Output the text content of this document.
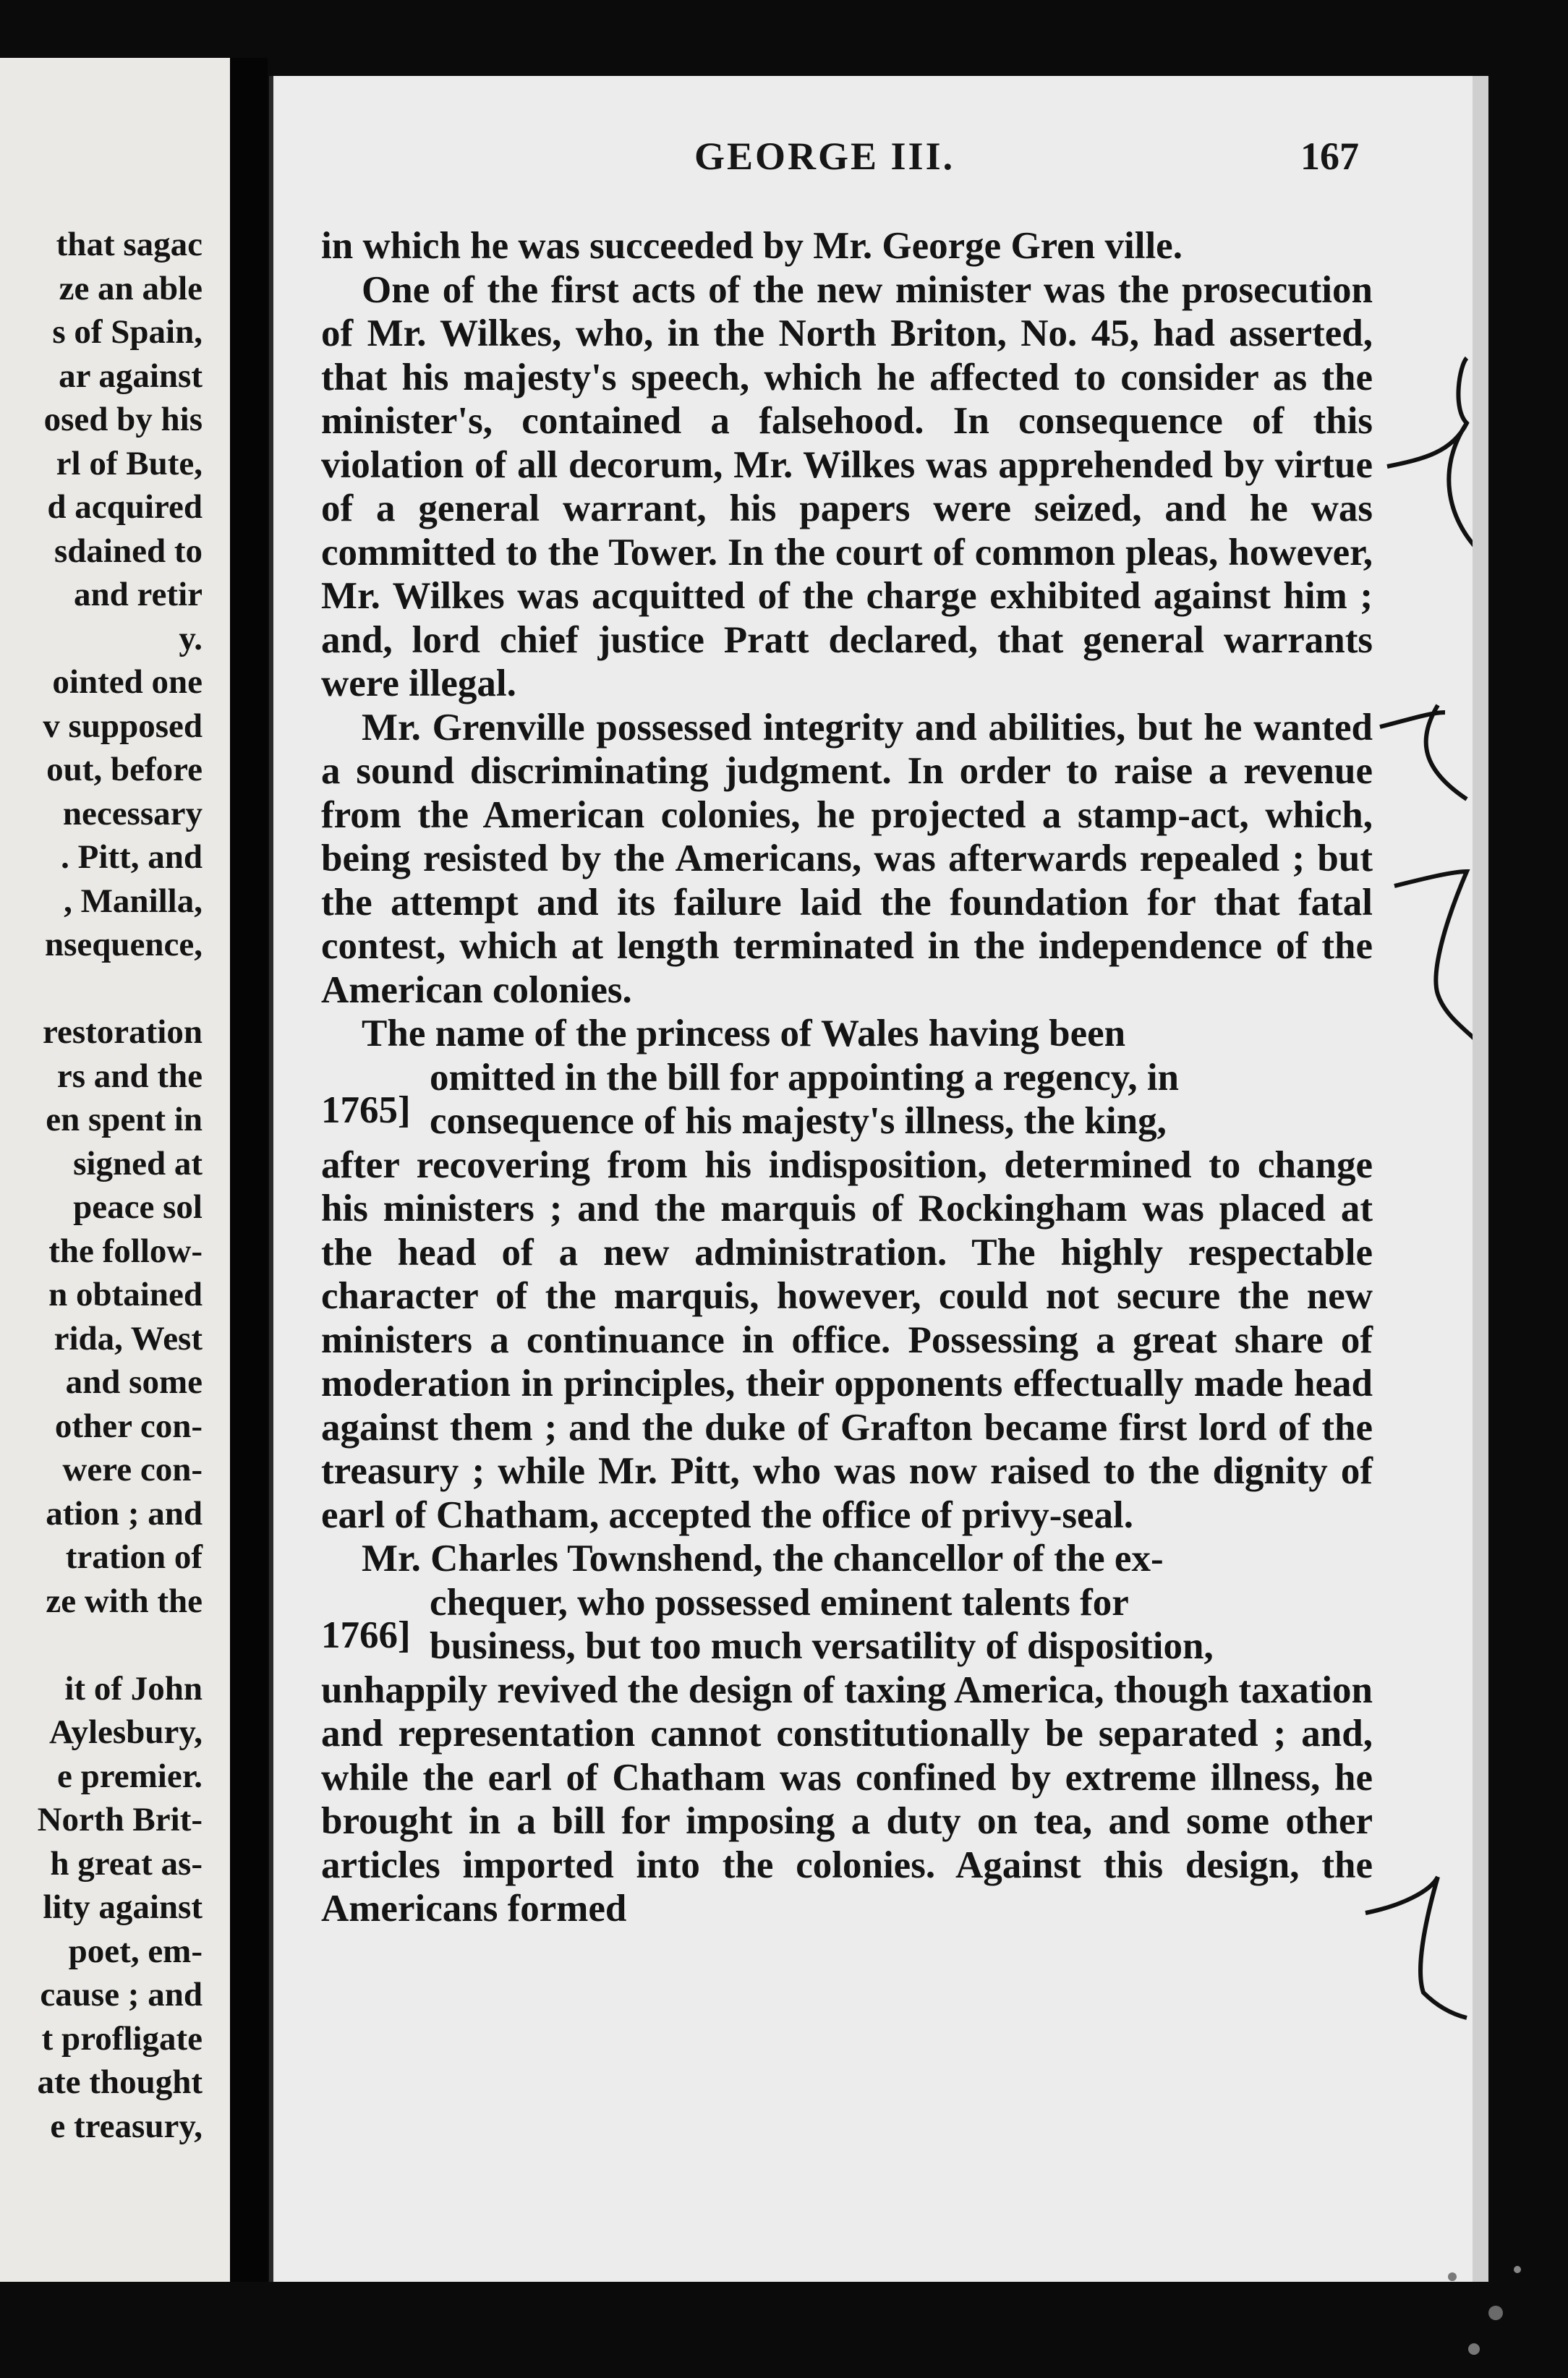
that sagac
ze an able
s of Spain,
ar against
osed by his
rl of Bute,
d acquired
sdained to
and retir
y.
ointed one
v supposed
out, before
necessary
. Pitt, and
, Manilla,
nsequence,
restoration
rs and the
en spent in
signed at
peace sol
the follow-
n obtained
rida, West
and some
other con-
were con-
ation ; and
tration of
ze with the
it of John
Aylesbury,
e premier.
North Brit-
h great as-
lity against
poet, em-
cause ; and
t profligate
ate thought
e treasury,
GEORGE III.	167

in which he was succeeded by Mr. George Gren ville.

One of the first acts of the new minister was the prosecution of Mr. Wilkes, who, in the North Briton, No. 45, had asserted, that his majesty's speech, which he affected to consider as the minister's, contained a falsehood. In consequence of this violation of all decorum, Mr. Wilkes was apprehended by virtue of a general warrant, his papers were seized, and he was committed to the Tower. In the court of common pleas, however, Mr. Wilkes was acquitted of the charge exhibited against him ; and, lord chief justice Pratt declared, that general warrants were illegal.

Mr. Grenville possessed integrity and abilities, but he wanted a sound discriminating judgment. In order to raise a revenue from the American colonies, he projected a stamp-act, which, being resisted by the Americans, was afterwards repealed ; but the attempt and its failure laid the foundation for that fatal contest, which at length terminated in the independence of the American colonies.

The name of the princess of Wales having been

1765]
omitted in the bill for appointing a regency, in
consequence of his majesty's illness, the king,

after recovering from his indisposition, determined to change his ministers ; and the marquis of Rockingham was placed at the head of a new administration. The highly respectable character of the marquis, however, could not secure the new ministers a continuance in office. Possessing a great share of moderation in principles, their opponents effectually made head against them ; and the duke of Grafton became first lord of the treasury ; while Mr. Pitt, who was now raised to the dignity of earl of Chatham, accepted the office of privy-seal.

Mr. Charles Townshend, the chancellor of the ex-

1766]
chequer, who possessed eminent talents for
business, but too much versatility of disposition,

unhappily revived the design of taxing America, though taxation and representation cannot constitutionally be separated ; and, while the earl of Chatham was confined by extreme illness, he brought in a bill for imposing a duty on tea, and some other articles imported into the colonies. Against this design, the Americans formed
